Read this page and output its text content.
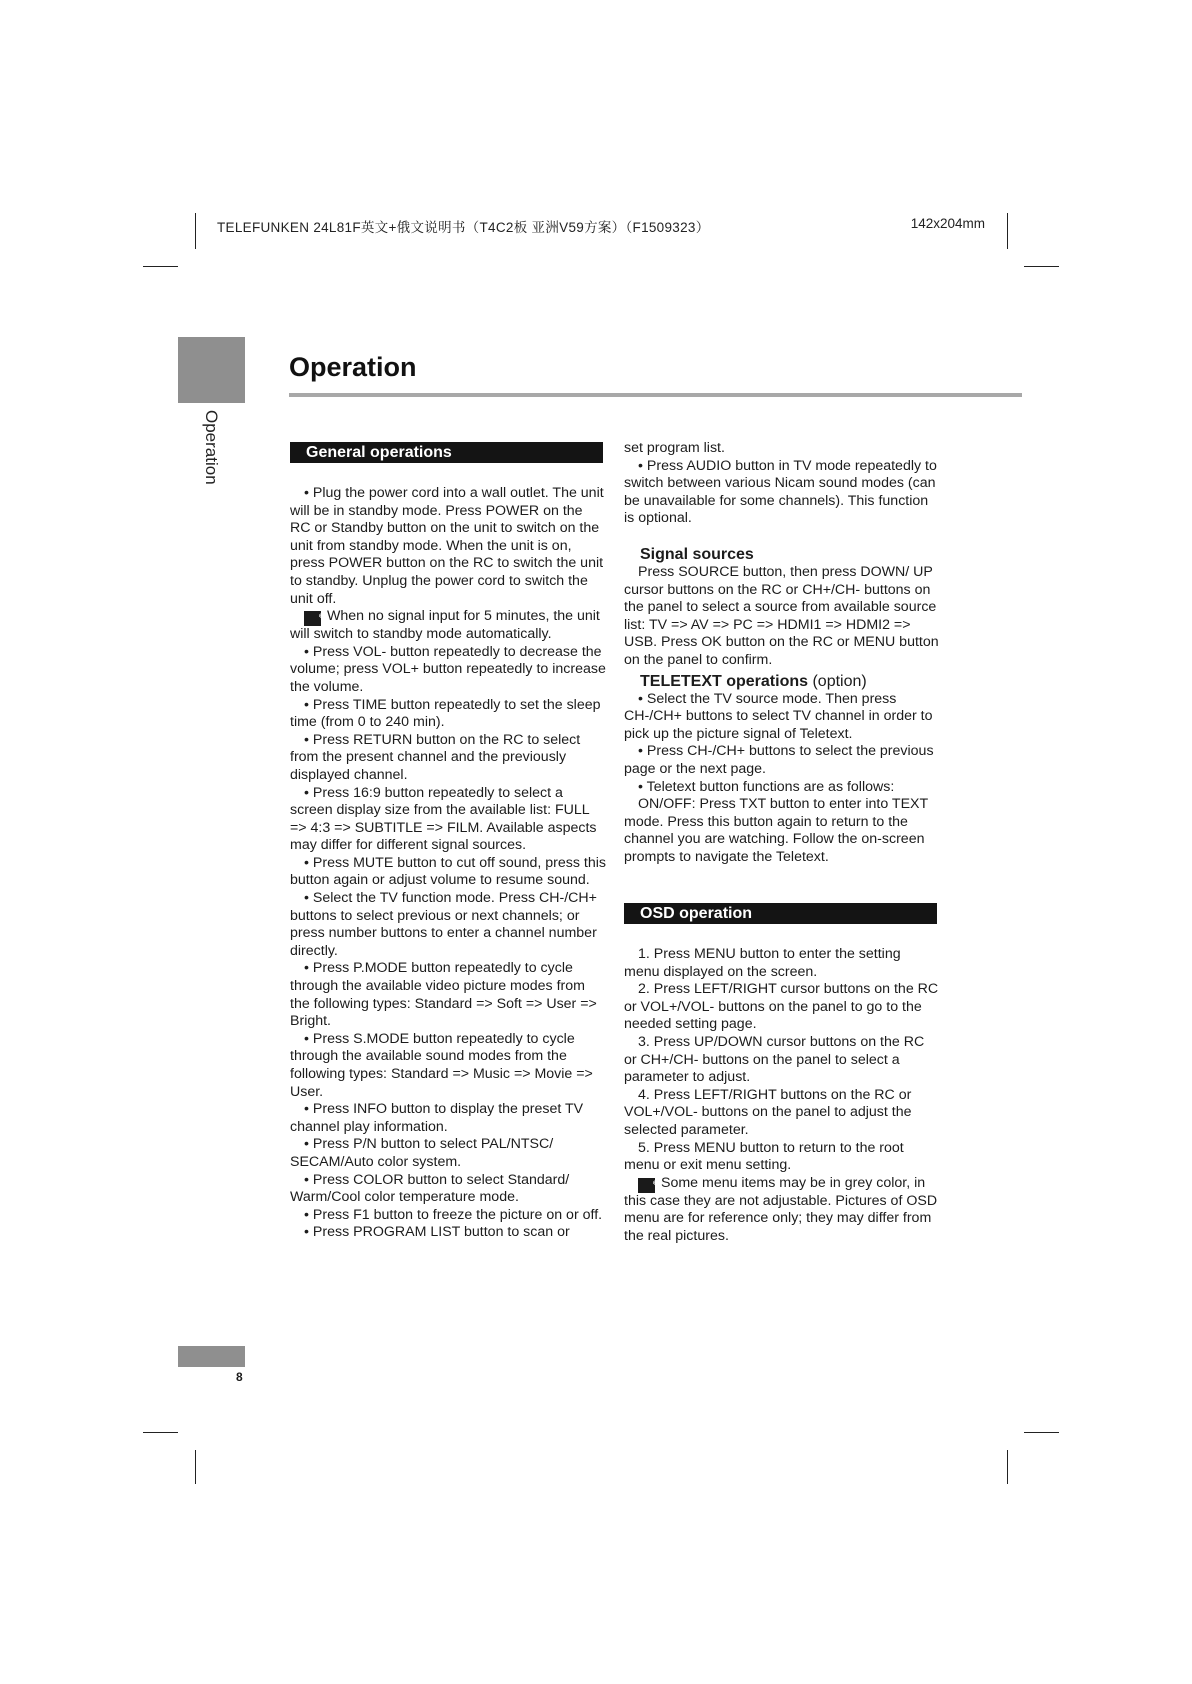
TELEFUNKEN 24L81F英文+俄文说明书（T4C2板 亚洲V59方案）（F1509323）	142x204mm
Operation
Operation
General operations

• Plug the power cord into a wall outlet. The unit will be in standby mode. Press POWER on the RC or Standby button on the unit to switch on the unit from standby mode. When the unit is on, press POWER button on the RC to switch the unit to standby. Unplug the power cord to switch the unit off.

✎When no signal input for 5 minutes, the unit will switch to standby mode automatically.

• Press VOL- button repeatedly to decrease the volume; press VOL+ button repeatedly to increase the volume.

• Press TIME button repeatedly to set the sleep time (from 0 to 240 min).

• Press RETURN button on the RC to select from the present channel and the previously displayed channel.

• Press 16:9 button repeatedly to select a screen display size from the available list: FULL => 4:3 => SUBTITLE => FILM. Available aspects may differ for different signal sources.

• Press MUTE button to cut off sound, press this button again or adjust volume to resume sound.

• Select the TV function mode. Press CH-/CH+ buttons to select previous or next channels; or press number buttons to enter a channel number directly.

• Press P.MODE button repeatedly to cycle through the available video picture modes from the following types: Standard => Soft => User => Bright.

• Press S.MODE button repeatedly to cycle through the available sound modes from the following types: Standard => Music => Movie => User.

• Press INFO button to display the preset TV channel play information.

• Press P/N button to select PAL/NTSC/ SECAM/Auto color system.

• Press COLOR button to select Standard/ Warm/Cool color temperature mode.

• Press F1 button to freeze the picture on or off.

• Press PROGRAM LIST button to scan or

set program list.

• Press AUDIO button in TV mode repeatedly to switch between various Nicam sound modes (can be unavailable for some channels). This function is optional.

Signal sources

Press SOURCE button, then press DOWN/ UP cursor buttons on the RC or CH+/CH- buttons on the panel to select a source from available source list: TV => AV => PC => HDMI1 => HDMI2 => USB. Press OK button on the RC or MENU button on the panel to confirm.

TELETEXT operations (option)

• Select the TV source mode. Then press CH-/CH+ buttons to select TV channel in order to pick up the picture signal of Teletext.

• Press CH-/CH+ buttons to select the previous page or the next page.

• Teletext button functions are as follows:

ON/OFF: Press TXT button to enter into TEXT mode. Press this button again to return to the channel you are watching. Follow the on-screen prompts to navigate the Teletext.

OSD operation

1. Press MENU button to enter the setting menu displayed on the screen.

2. Press LEFT/RIGHT cursor buttons on the RC or VOL+/VOL- buttons on the panel to go to the needed setting page.

3. Press UP/DOWN cursor buttons on the RC or CH+/CH- buttons on the panel to select a parameter to adjust.

4. Press LEFT/RIGHT buttons on the RC or VOL+/VOL- buttons on the panel to adjust the selected parameter.

5. Press MENU button to return to the root menu or exit menu setting.

✎Some menu items may be in grey color, in this case they are not adjustable. Pictures of OSD menu are for reference only; they may differ from the real pictures.

8
